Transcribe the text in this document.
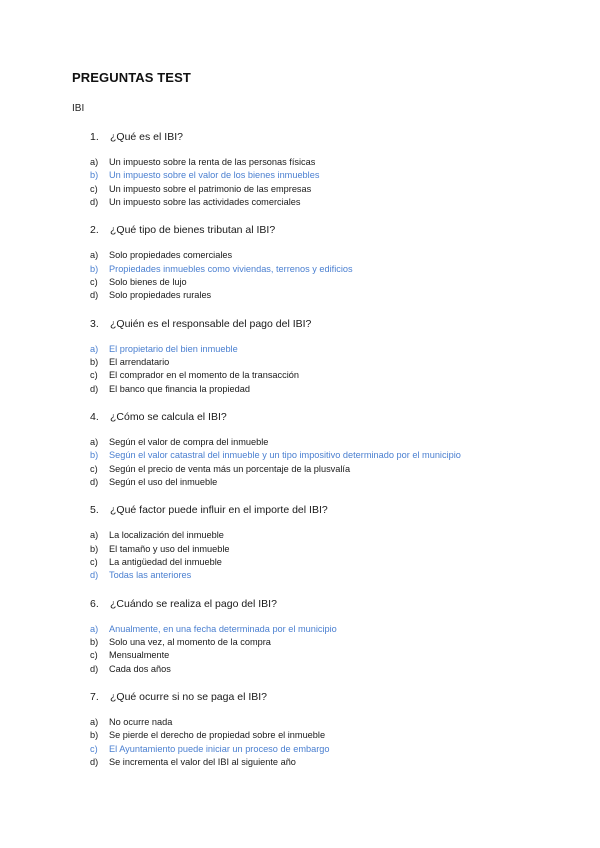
PREGUNTAS TEST
IBI
1. ¿Qué es el IBI?
a) Un impuesto sobre la renta de las personas físicas
b) Un impuesto sobre el valor de los bienes inmuebles
c) Un impuesto sobre el patrimonio de las empresas
d) Un impuesto sobre las actividades comerciales
2. ¿Qué tipo de bienes tributan al IBI?
a) Solo propiedades comerciales
b) Propiedades inmuebles como viviendas, terrenos y edificios
c) Solo bienes de lujo
d) Solo propiedades rurales
3. ¿Quién es el responsable del pago del IBI?
a) El propietario del bien inmueble
b) El arrendatario
c) El comprador en el momento de la transacción
d) El banco que financia la propiedad
4. ¿Cómo se calcula el IBI?
a) Según el valor de compra del inmueble
b) Según el valor catastral del inmueble y un tipo impositivo determinado por el municipio
c) Según el precio de venta más un porcentaje de la plusvalía
d) Según el uso del inmueble
5. ¿Qué factor puede influir en el importe del IBI?
a) La localización del inmueble
b) El tamaño y uso del inmueble
c) La antigüedad del inmueble
d) Todas las anteriores
6. ¿Cuándo se realiza el pago del IBI?
a) Anualmente, en una fecha determinada por el municipio
b) Solo una vez, al momento de la compra
c) Mensualmente
d) Cada dos años
7. ¿Qué ocurre si no se paga el IBI?
a) No ocurre nada
b) Se pierde el derecho de propiedad sobre el inmueble
c) El Ayuntamiento puede iniciar un proceso de embargo
d) Se incrementa el valor del IBI al siguiente año
